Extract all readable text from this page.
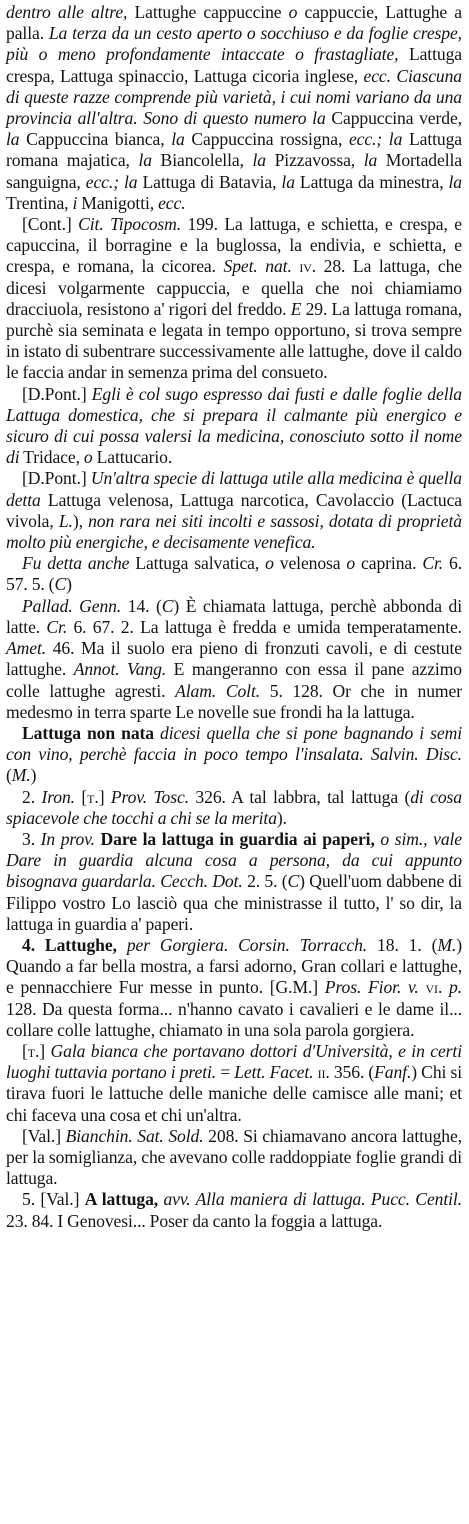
dentro alle altre, Lattughe cappuccine o cappuccie, Lattughe a palla. La terza da un cesto aperto o socchiuso e da foglie crespe, più o meno profondamente intaccate o frastagliate, Lattuga crespa, Lattuga spinaccio, Lattuga cicoria inglese, ecc. Ciascuna di queste razze comprende più varietà, i cui nomi variano da una provincia all'altra. Sono di questo numero la Cappuccina verde, la Cappuccina bianca, la Cappuccina rossigna, ecc.; la Lattuga romana majatica, la Biancolella, la Pizzavossa, la Mortadella sanguigna, ecc.; la Lattuga di Batavia, la Lattuga da minestra, la Trentina, i Manigotti, ecc.

[Cont.] Cit. Tipocosm. 199. La lattuga, e schietta, e crespa, e capuccina, il borragine e la buglossa, la endivia, e schietta, e crespa, e romana, la cicorea. Spet. nat. iv. 28. La lattuga, che dicesi volgarmente cappuccia, e quella che noi chiamiamo dracciuola, resistono a' rigori del freddo. E 29. La lattuga romana, purchè sia seminata e legata in tempo opportuno, si trova sempre in istato di subentrare successivamente alle lattughe, dove il caldo le faccia andar in semenza prima del consueto.

[D.Pont.] Egli è col sugo espresso dai fusti e dalle foglie della Lattuga domestica, che si prepara il calmante più energico e sicuro di cui possa valersi la medicina, conosciuto sotto il nome di Tridace, o Lattucario.

[D.Pont.] Un'altra specie di lattuga utile alla medicina è quella detta Lattuga velenosa, Lattuga narcotica, Cavolaccio (Lactuca vivola, L.), non rara nei siti incolti e sassosi, dotata di proprietà molto più energiche, e decisamente venefica.

Fu detta anche Lattuga salvatica, o velenosa o caprina. Cr. 6. 57. 5. (C)

Pallad. Genn. 14. (C) È chiamata lattuga, perchè abbonda di latte. Cr. 6. 67. 2. La lattuga è fredda e umida temperatamente. Amet. 46. Ma il suolo era pieno di fronzuti cavoli, e di cestute lattughe. Annot. Vang. E mangeranno con essa il pane azzimo colle lattughe agresti. Alam. Colt. 5. 128. Or che in numer medesmo in terra sparte Le novelle sue frondi ha la lattuga.

Lattuga non nata dicesi quella che si pone bagnando i semi con vino, perchè faccia in poco tempo l'insalata. Salvin. Disc. (M.)

2. Iron. [t.] Prov. Tosc. 326. A tal labbra, tal lattuga (di cosa spiacevole che tocchi a chi se la merita).

3. In prov. Dare la lattuga in guardia ai paperi, o sim., vale Dare in guardia alcuna cosa a persona, da cui appunto bisognava guardarla. Cecch. Dot. 2. 5. (C) Quell'uom dabbene di Filippo vostro Lo lasciò qua che ministrasse il tutto, l' so dir, la lattuga in guardia a' paperi.

4. Lattughe, per Gorgiera. Corsin. Torracch. 18. 1. (M.) Quando a far bella mostra, a farsi adorno, Gran collari e lattughe, e pennacchiere Fur messe in punto. [G.M.] Pros. Fior. v. vi. p. 128. Da questa forma... n'hanno cavato i cavalieri e le dame il... collare colle lattughe, chiamato in una sola parola gorgiera.

[t.] Gala bianca che portavano dottori d'Università, e in certi luoghi tuttavia portano i preti. = Lett. Facet. ii. 356. (Fanf.) Chi si tirava fuori le lattuche delle maniche delle camisce alle mani; et chi faceva una cosa et chi un'altra.

[Val.] Bianchin. Sat. Sold. 208. Si chiamavano ancora lattughe, per la somiglianza, che avevano colle raddoppiate foglie grandi di lattuga.

5. [Val.] A lattuga, avv. Alla maniera di lattuga. Pucc. Centil. 23. 84. I Genovesi... Poser da canto la foggia a lattuga.
